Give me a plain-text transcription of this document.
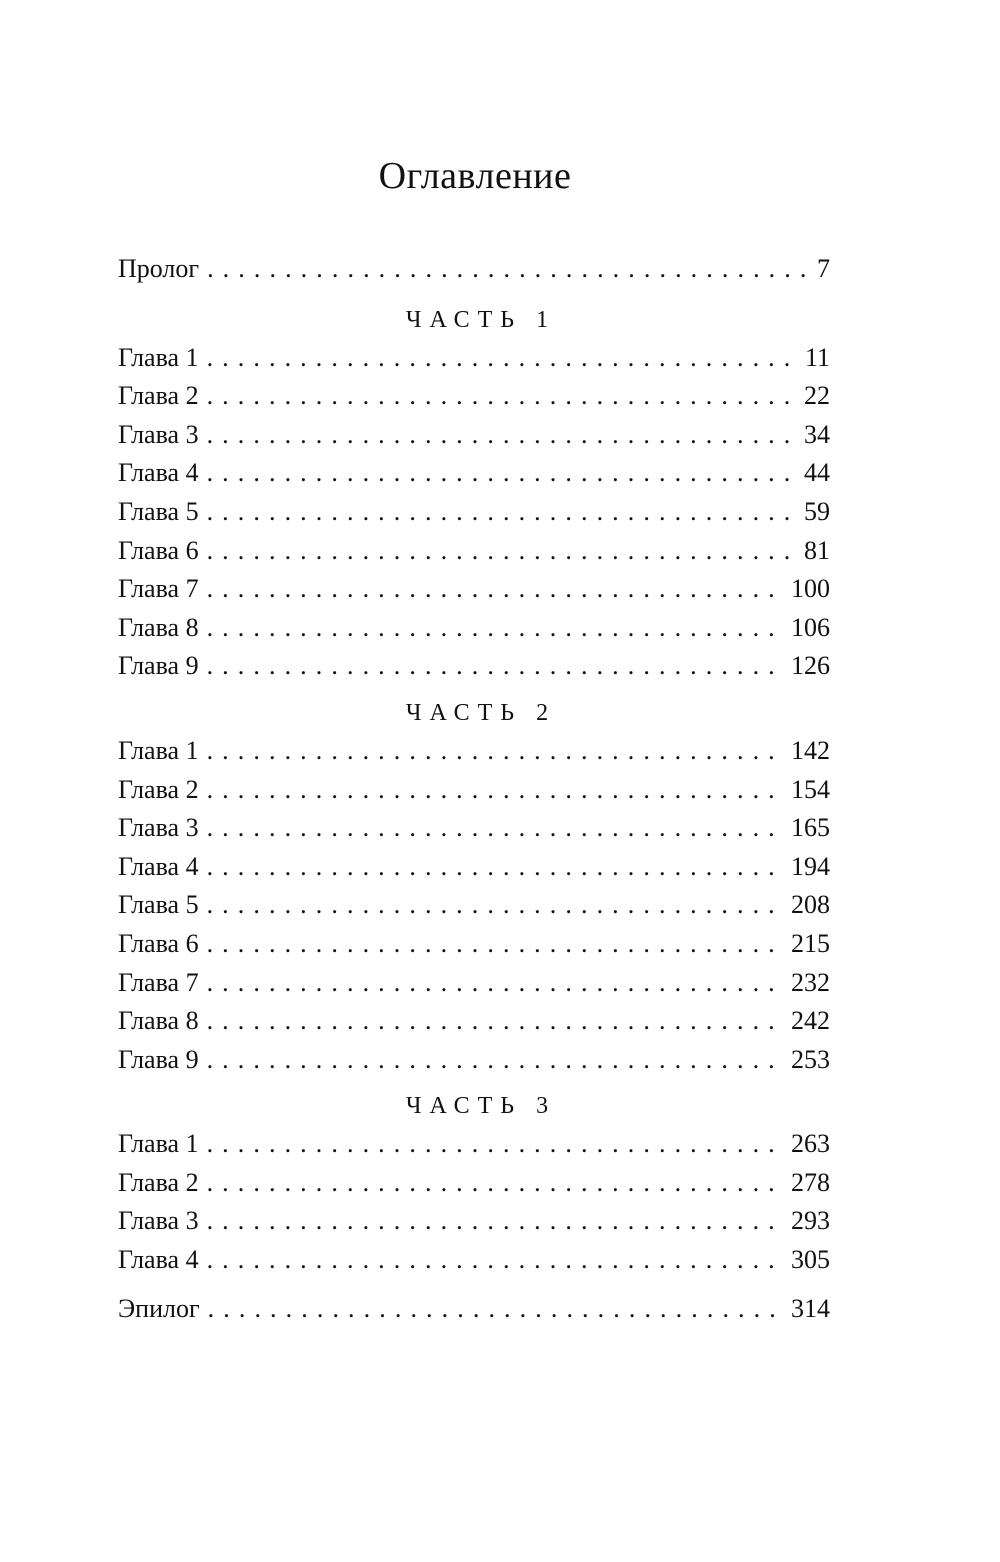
Оглавление
Пролог . . .	7
ЧАСТЬ 1
Глава 1 . . .	11
Глава 2 . . .	22
Глава 3 . . .	34
Глава 4 . . .	44
Глава 5 . . .	59
Глава 6 . . .	81
Глава 7 . . .	100
Глава 8 . . .	106
Глава 9 . . .	126
ЧАСТЬ 2
Глава 1 . . .	142
Глава 2 . . .	154
Глава 3 . . .	165
Глава 4 . . .	194
Глава 5 . . .	208
Глава 6 . . .	215
Глава 7 . . .	232
Глава 8 . . .	242
Глава 9 . . .	253
ЧАСТЬ 3
Глава 1 . . .	263
Глава 2 . . .	278
Глава 3 . . .	293
Глава 4 . . .	305
Эпилог . . .	314
